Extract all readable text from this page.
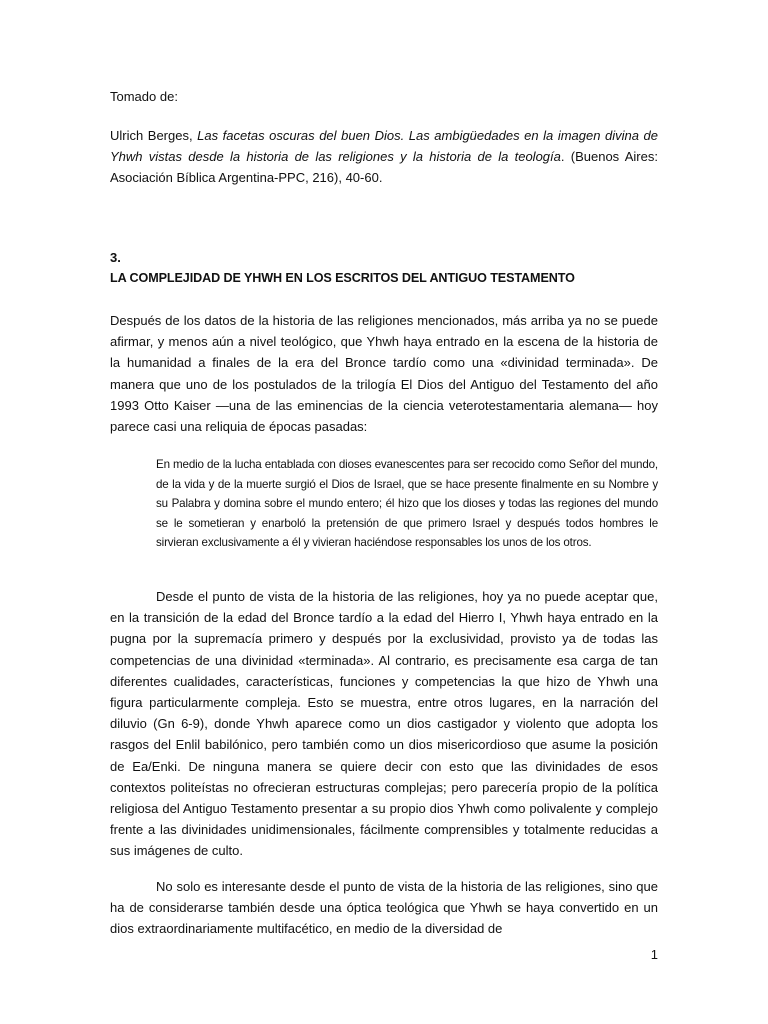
Tomado de:

Ulrich Berges, Las facetas oscuras del buen Dios. Las ambigüedades en la imagen divina de Yhwh vistas desde la historia de las religiones y la historia de la teología. (Buenos Aires: Asociación Bíblica Argentina-PPC, 216), 40-60.

3.

LA COMPLEJIDAD DE YHWH EN LOS ESCRITOS DEL ANTIGUO TESTAMENTO

Después de los datos de la historia de las religiones mencionados, más arriba ya no se puede afirmar, y menos aún a nivel teológico, que Yhwh haya entrado en la escena de la historia de la humanidad a finales de la era del Bronce tardío como una «divinidad terminada». De manera que uno de los postulados de la trilogía El Dios del Antiguo del Testamento del año 1993 Otto Kaiser —una de las eminencias de la ciencia veterotestamentaria alemana— hoy parece casi una reliquia de épocas pasadas:

En medio de la lucha entablada con dioses evanescentes para ser recocido como Señor del mundo, de la vida y de la muerte surgió el Dios de Israel, que se hace presente finalmente en su Nombre y su Palabra y domina sobre el mundo entero; él hizo que los dioses y todas las regiones del mundo se le sometieran y enarboló la pretensión de que primero Israel y después todos hombres le sirvieran exclusivamente a él y vivieran haciéndose responsables los unos de los otros.

Desde el punto de vista de la historia de las religiones, hoy ya no puede aceptar que, en la transición de la edad del Bronce tardío a la edad del Hierro I, Yhwh haya entrado en la pugna por la supremacía primero y después por la exclusividad, provisto ya de todas las competencias de una divinidad «terminada». Al contrario, es precisamente esa carga de tan diferentes cualidades, características, funciones y competencias la que hizo de Yhwh una figura particularmente compleja. Esto se muestra, entre otros lugares, en la narración del diluvio (Gn 6-9), donde Yhwh aparece como un dios castigador y violento que adopta los rasgos del Enlil babilónico, pero también como un dios misericordioso que asume la posición de Ea/Enki. De ninguna manera se quiere decir con esto que las divinidades de esos contextos politeístas no ofrecieran estructuras complejas; pero parecería propio de la política religiosa del Antiguo Testamento presentar a su propio dios Yhwh como polivalente y complejo frente a las divinidades unidimensionales, fácilmente comprensibles y totalmente reducidas a sus imágenes de culto.

No solo es interesante desde el punto de vista de la historia de las religiones, sino que ha de considerarse también desde una óptica teológica que Yhwh se haya convertido en un dios extraordinariamente multifacético, en medio de la diversidad de

1
